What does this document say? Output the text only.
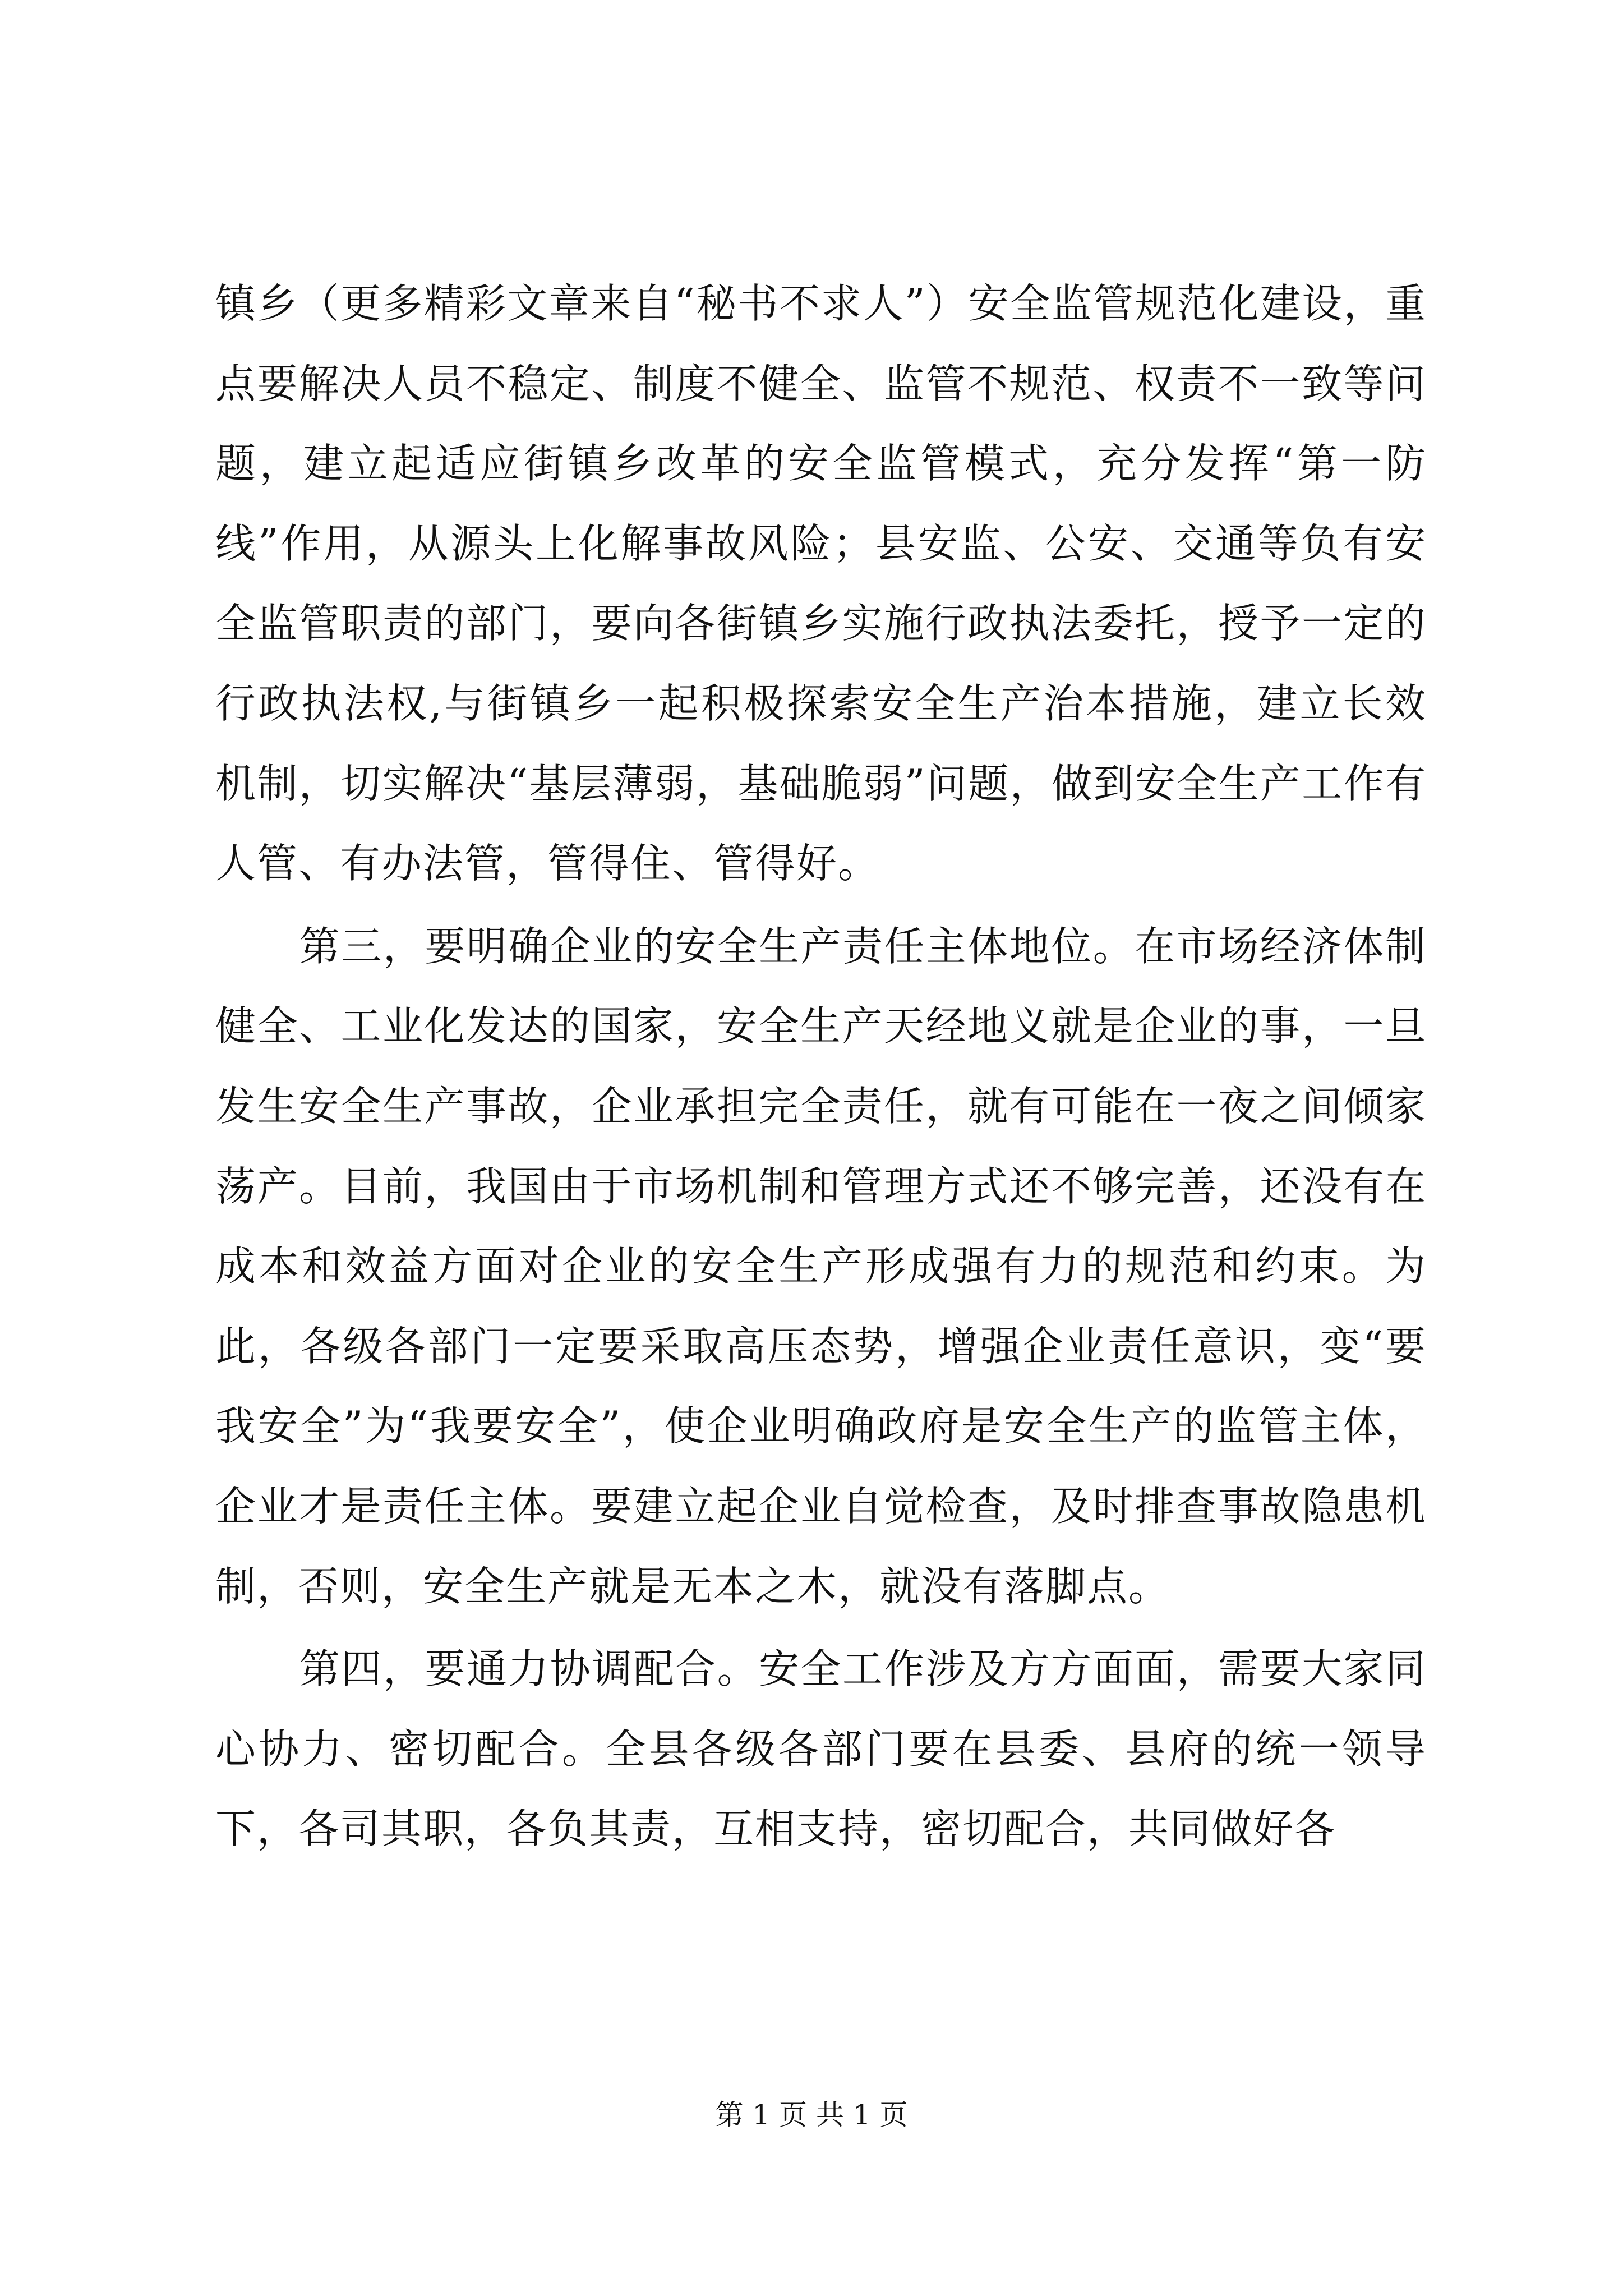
镇乡（更多精彩文章来自“秘书不求人”）安全监管规范化建设，重点要解决人员不稳定、制度不健全、监管不规范、权责不一致等问题，建立起适应街镇乡改革的安全监管模式，充分发挥“第一防线”作用，从源头上化解事故风险；县安监、公安、交通等负有安全监管职责的部门，要向各街镇乡实施行政执法委托，授予一定的行政执法权,与街镇乡一起积极探索安全生产治本措施，建立长效机制，切实解决“基层薄弱，基础脆弱”问题，做到安全生产工作有人管、有办法管，管得住、管得好。

第三，要明确企业的安全生产责任主体地位。在市场经济体制健全、工业化发达的国家，安全生产天经地义就是企业的事，一旦发生安全生产事故，企业承担完全责任，就有可能在一夜之间倾家荡产。目前，我国由于市场机制和管理方式还不够完善，还没有在成本和效益方面对企业的安全生产形成强有力的规范和约束。为此，各级各部门一定要采取高压态势，增强企业责任意识，变“要我安全”为“我要安全”，使企业明确政府是安全生产的监管主体，企业才是责任主体。要建立起企业自觉检查，及时排查事故隐患机制，否则，安全生产就是无本之木，就没有落脚点。

第四，要通力协调配合。安全工作涉及方方面面，需要大家同心协力、密切配合。全县各级各部门要在县委、县府的统一领导下，各司其职，各负其责，互相支持，密切配合，共同做好各

第 1 页 共 1 页
